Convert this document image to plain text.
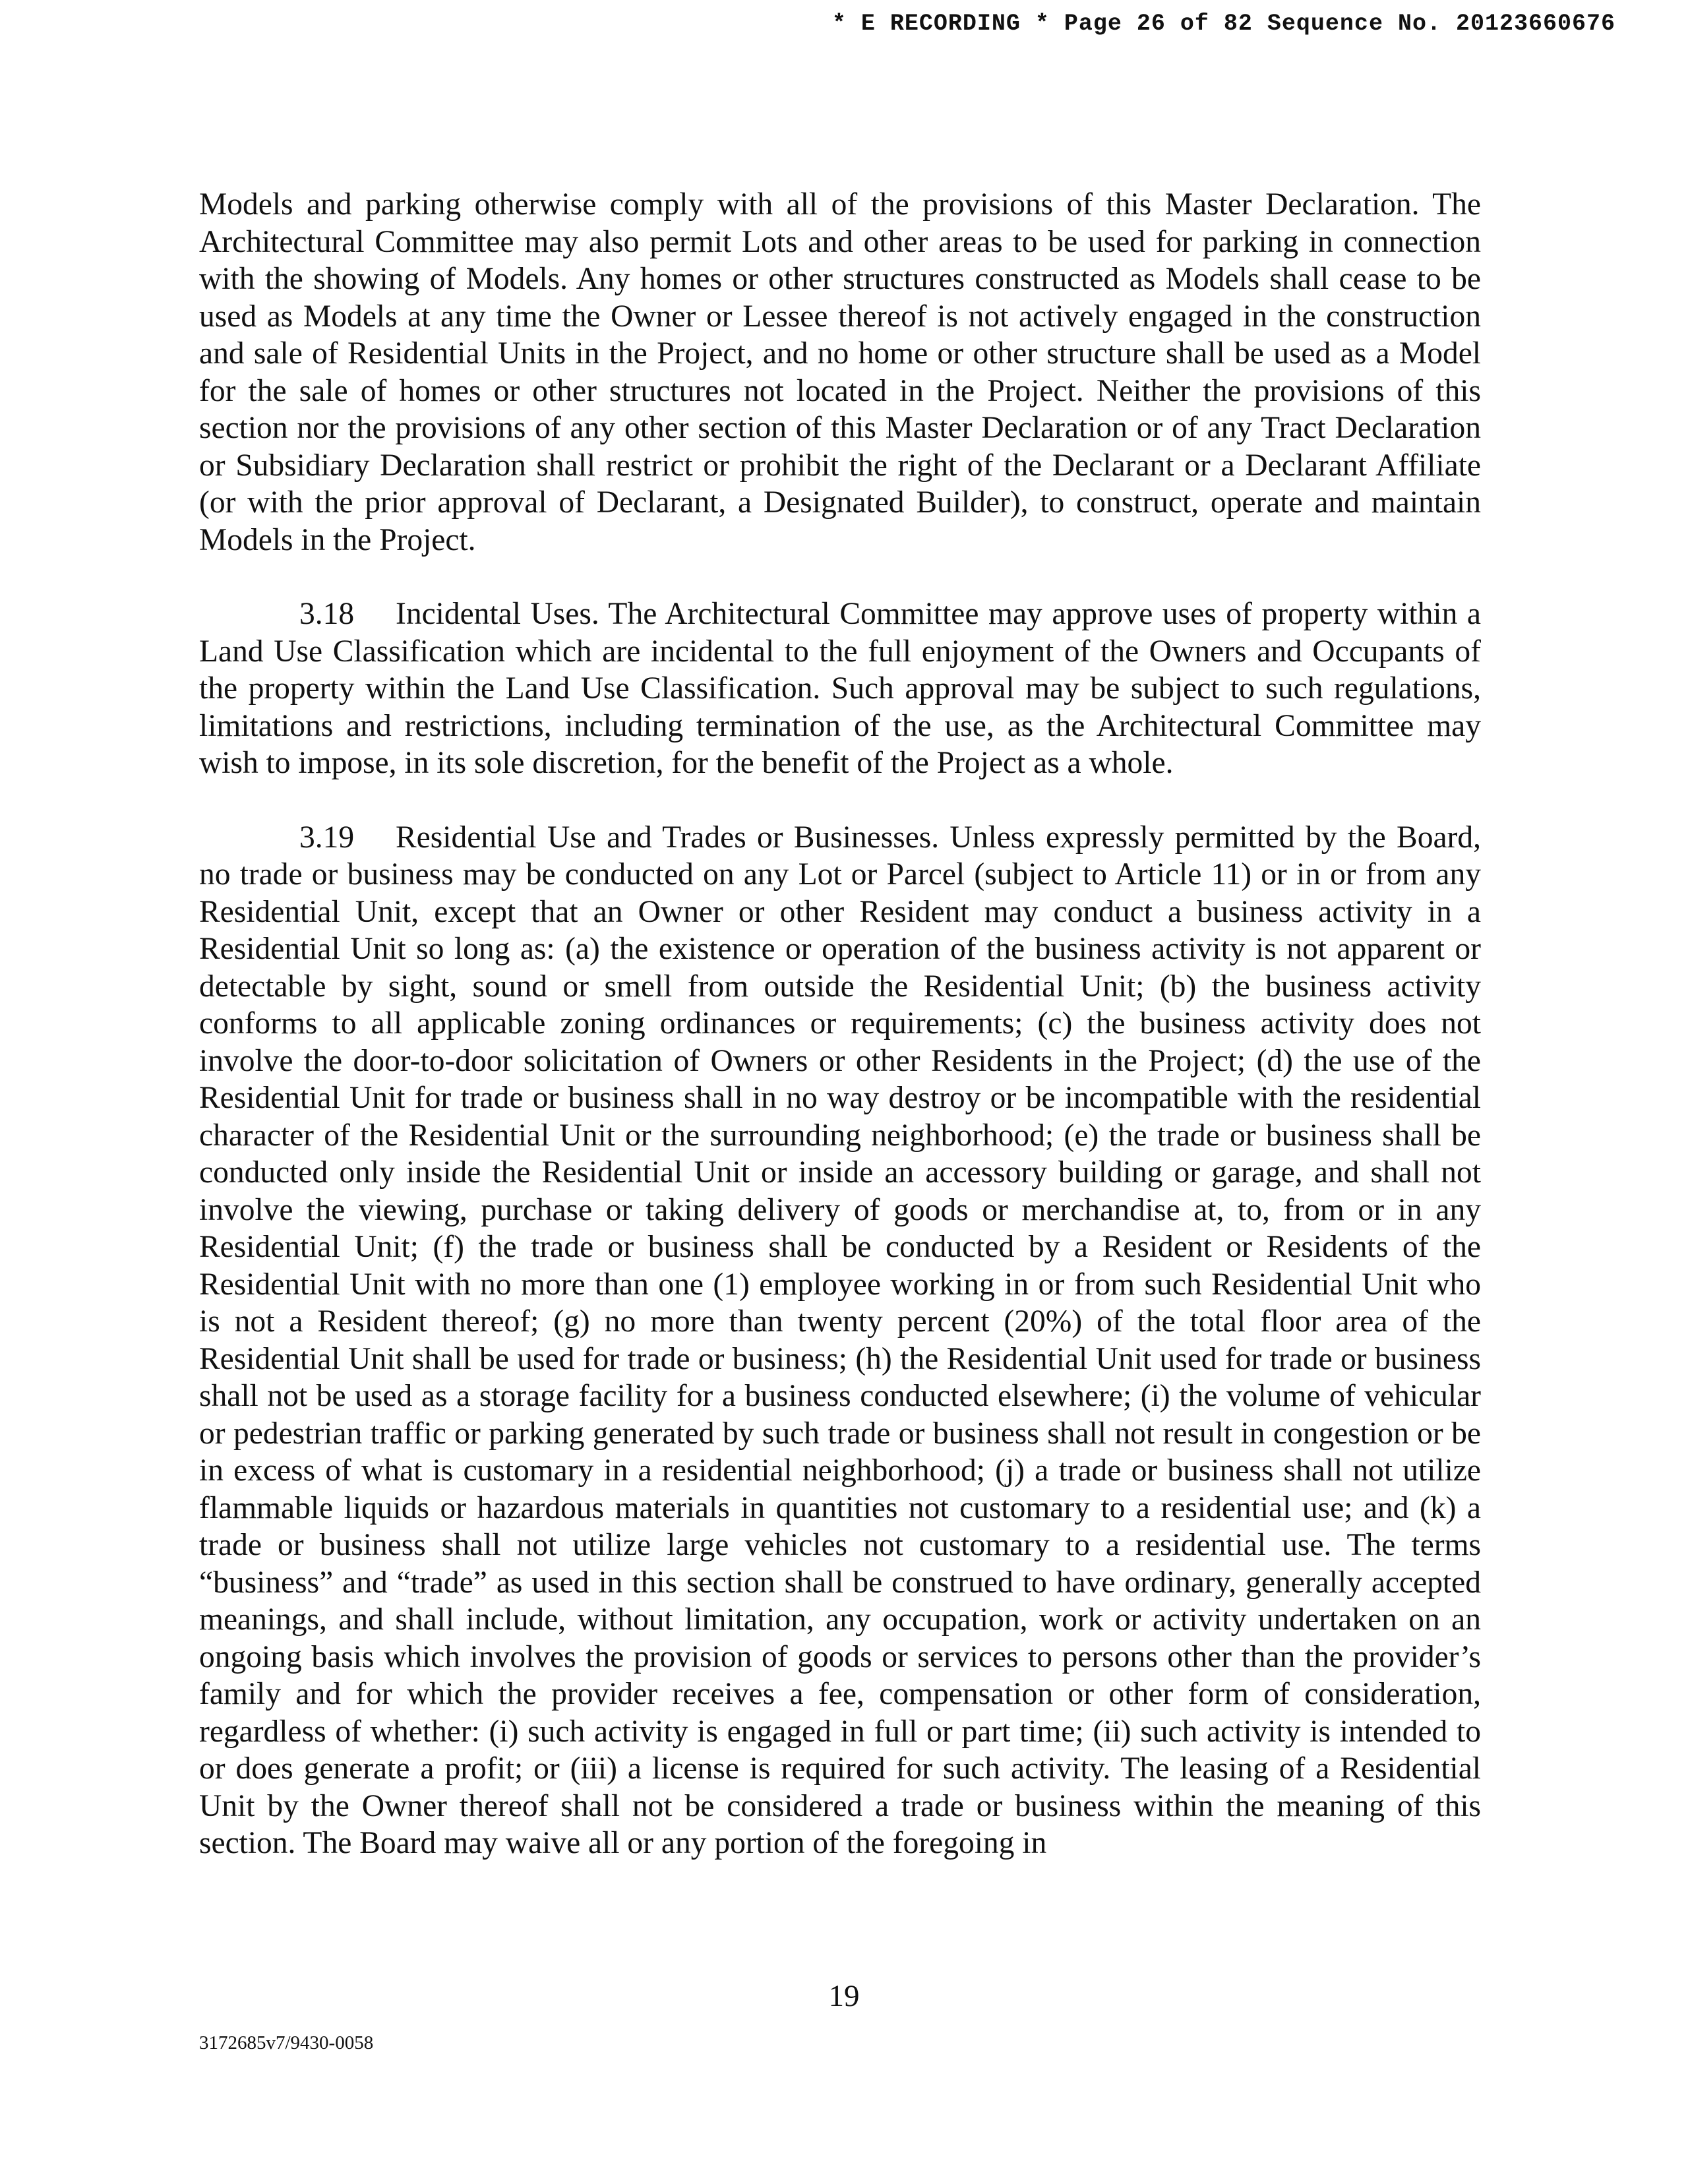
* E RECORDING * Page 26 of 82 Sequence No. 20123660676

Models and parking otherwise comply with all of the provisions of this Master Declaration. The Architectural Committee may also permit Lots and other areas to be used for parking in connection with the showing of Models. Any homes or other structures constructed as Models shall cease to be used as Models at any time the Owner or Lessee thereof is not actively engaged in the construction and sale of Residential Units in the Project, and no home or other structure shall be used as a Model for the sale of homes or other structures not located in the Project. Neither the provisions of this section nor the provisions of any other section of this Master Declaration or of any Tract Declaration or Subsidiary Declaration shall restrict or prohibit the right of the Declarant or a Declarant Affiliate (or with the prior approval of Declarant, a Designated Builder), to construct, operate and maintain Models in the Project.

3.18 Incidental Uses. The Architectural Committee may approve uses of property within a Land Use Classification which are incidental to the full enjoyment of the Owners and Occupants of the property within the Land Use Classification. Such approval may be subject to such regulations, limitations and restrictions, including termination of the use, as the Architectural Committee may wish to impose, in its sole discretion, for the benefit of the Project as a whole.

3.19 Residential Use and Trades or Businesses. Unless expressly permitted by the Board, no trade or business may be conducted on any Lot or Parcel (subject to Article 11) or in or from any Residential Unit, except that an Owner or other Resident may conduct a business activity in a Residential Unit so long as: (a) the existence or operation of the business activity is not apparent or detectable by sight, sound or smell from outside the Residential Unit; (b) the business activity conforms to all applicable zoning ordinances or requirements; (c) the business activity does not involve the door-to-door solicitation of Owners or other Residents in the Project; (d) the use of the Residential Unit for trade or business shall in no way destroy or be incompatible with the residential character of the Residential Unit or the surrounding neighborhood; (e) the trade or business shall be conducted only inside the Residential Unit or inside an accessory building or garage, and shall not involve the viewing, purchase or taking delivery of goods or merchandise at, to, from or in any Residential Unit; (f) the trade or business shall be conducted by a Resident or Residents of the Residential Unit with no more than one (1) employee working in or from such Residential Unit who is not a Resident thereof; (g) no more than twenty percent (20%) of the total floor area of the Residential Unit shall be used for trade or business; (h) the Residential Unit used for trade or business shall not be used as a storage facility for a business conducted elsewhere; (i) the volume of vehicular or pedestrian traffic or parking generated by such trade or business shall not result in congestion or be in excess of what is customary in a residential neighborhood; (j) a trade or business shall not utilize flammable liquids or hazardous materials in quantities not customary to a residential use; and (k) a trade or business shall not utilize large vehicles not customary to a residential use. The terms “business” and “trade” as used in this section shall be construed to have ordinary, generally accepted meanings, and shall include, without limitation, any occupation, work or activity undertaken on an ongoing basis which involves the provision of goods or services to persons other than the provider’s family and for which the provider receives a fee, compensation or other form of consideration, regardless of whether: (i) such activity is engaged in full or part time; (ii) such activity is intended to or does generate a profit; or (iii) a license is required for such activity. The leasing of a Residential Unit by the Owner thereof shall not be considered a trade or business within the meaning of this section. The Board may waive all or any portion of the foregoing in

19
3172685v7/9430-0058
